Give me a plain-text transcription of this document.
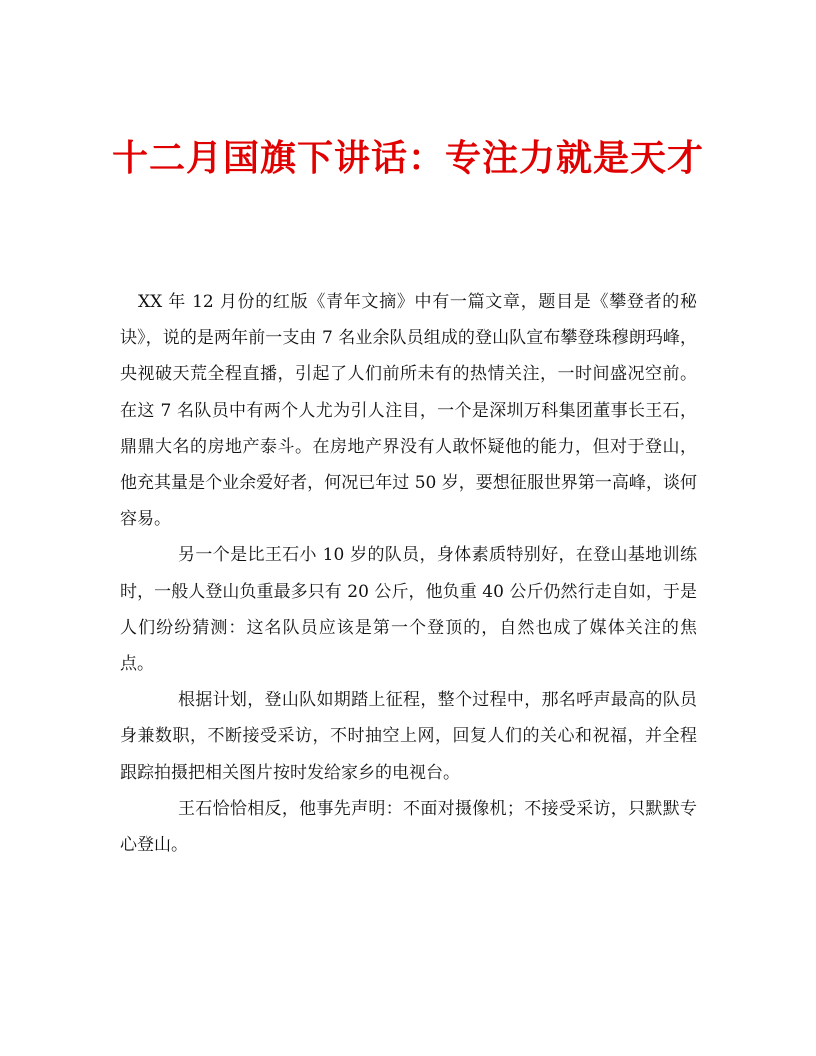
十二月国旗下讲话：专注力就是天才

XX 年 12 月份的红版《青年文摘》中有一篇文章，题目是《攀登者的秘诀》，说的是两年前一支由 7 名业余队员组成的登山队宣布攀登珠穆朗玛峰，央视破天荒全程直播，引起了人们前所未有的热情关注，一时间盛况空前。在这 7 名队员中有两个人尤为引人注目，一个是深圳万科集团董事长王石，鼎鼎大名的房地产泰斗。在房地产界没有人敢怀疑他的能力，但对于登山，他充其量是个业余爱好者，何况已年过 50 岁，要想征服世界第一高峰，谈何容易。

另一个是比王石小 10 岁的队员，身体素质特别好，在登山基地训练时，一般人登山负重最多只有 20 公斤，他负重 40 公斤仍然行走自如，于是人们纷纷猜测：这名队员应该是第一个登顶的，自然也成了媒体关注的焦点。

根据计划，登山队如期踏上征程，整个过程中，那名呼声最高的队员身兼数职，不断接受采访，不时抽空上网，回复人们的关心和祝福，并全程跟踪拍摄把相关图片按时发给家乡的电视台。

王石恰恰相反，他事先声明：不面对摄像机；不接受采访，只默默专心登山。
